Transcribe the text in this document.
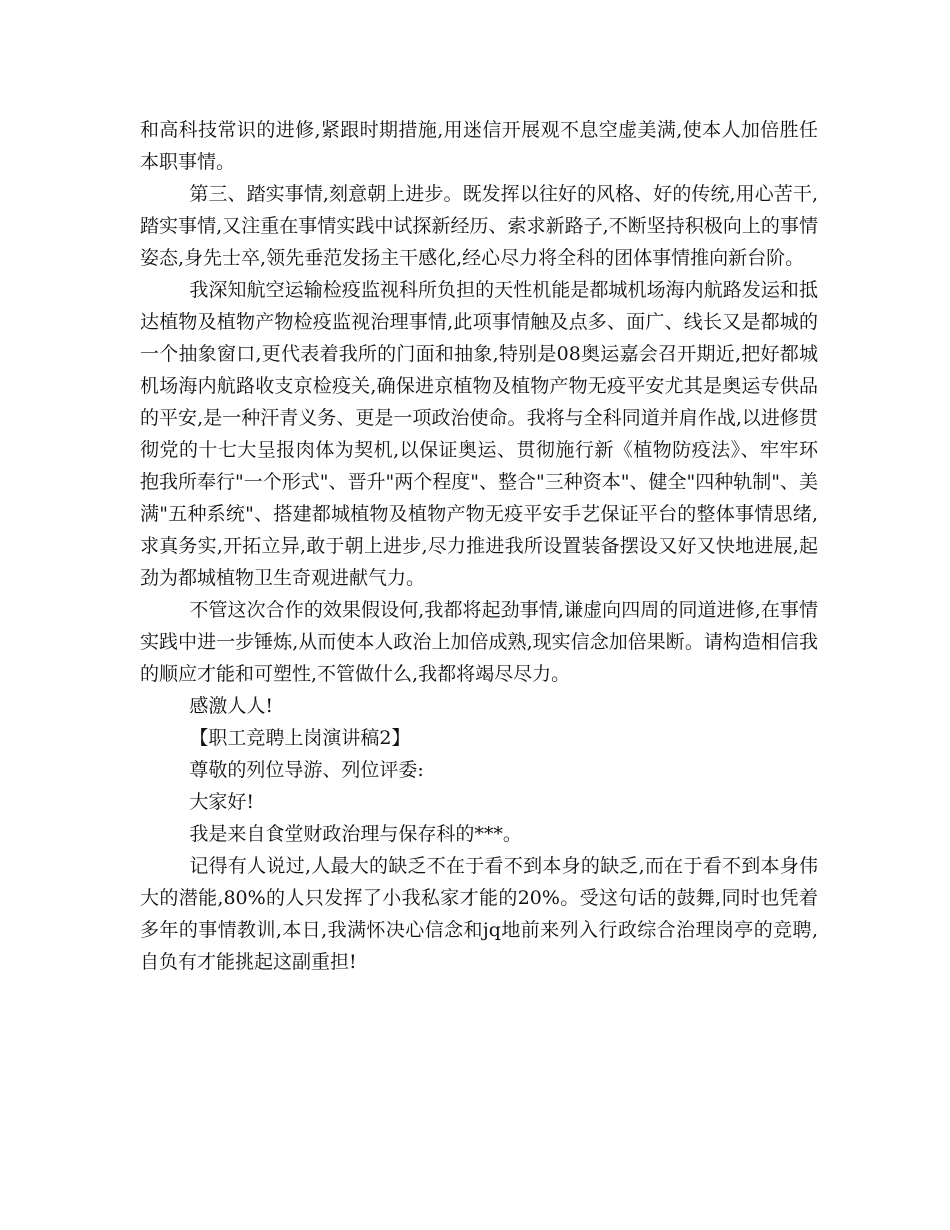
和高科技常识的进修,紧跟时期措施,用迷信开展观不息空虚美满,使本人加倍胜任本职事情。

第三、踏实事情,刻意朝上进步。既发挥以往好的风格、好的传统,用心苦干,踏实事情,又注重在事情实践中试探新经历、索求新路子,不断坚持积极向上的事情姿态,身先士卒,领先垂范发扬主干感化,经心尽力将全科的团体事情推向新台阶。

我深知航空运输检疫监视科所负担的天性机能是都城机场海内航路发运和抵达植物及植物产物检疫监视治理事情,此项事情触及点多、面广、线长又是都城的一个抽象窗口,更代表着我所的门面和抽象,特别是08奥运嘉会召开期近,把好都城机场海内航路收支京检疫关,确保进京植物及植物产物无疫平安尤其是奥运专供品的平安,是一种汗青义务、更是一项政治使命。我将与全科同道并肩作战,以进修贯彻党的十七大呈报肉体为契机,以保证奥运、贯彻施行新《植物防疫法》、牢牢环抱我所奉行"一个形式"、晋升"两个程度"、整合"三种资本"、健全"四种轨制"、美满"五种系统"、搭建都城植物及植物产物无疫平安手艺保证平台的整体事情思绪,求真务实,开拓立异,敢于朝上进步,尽力推进我所设置装备摆设又好又快地进展,起劲为都城植物卫生奇观进献气力。

不管这次合作的效果假设何,我都将起劲事情,谦虚向四周的同道进修,在事情实践中进一步锤炼,从而使本人政治上加倍成熟,现实信念加倍果断。请构造相信我的顺应才能和可塑性,不管做什么,我都将竭尽尽力。

感激人人!

【职工竞聘上岗演讲稿2】

尊敬的列位导游、列位评委:

大家好!

我是来自食堂财政治理与保存科的***。

记得有人说过,人最大的缺乏不在于看不到本身的缺乏,而在于看不到本身伟大的潜能,80%的人只发挥了小我私家才能的20%。受这句话的鼓舞,同时也凭着多年的事情教训,本日,我满怀决心信念和jq地前来列入行政综合治理岗亭的竞聘,自负有才能挑起这副重担!
